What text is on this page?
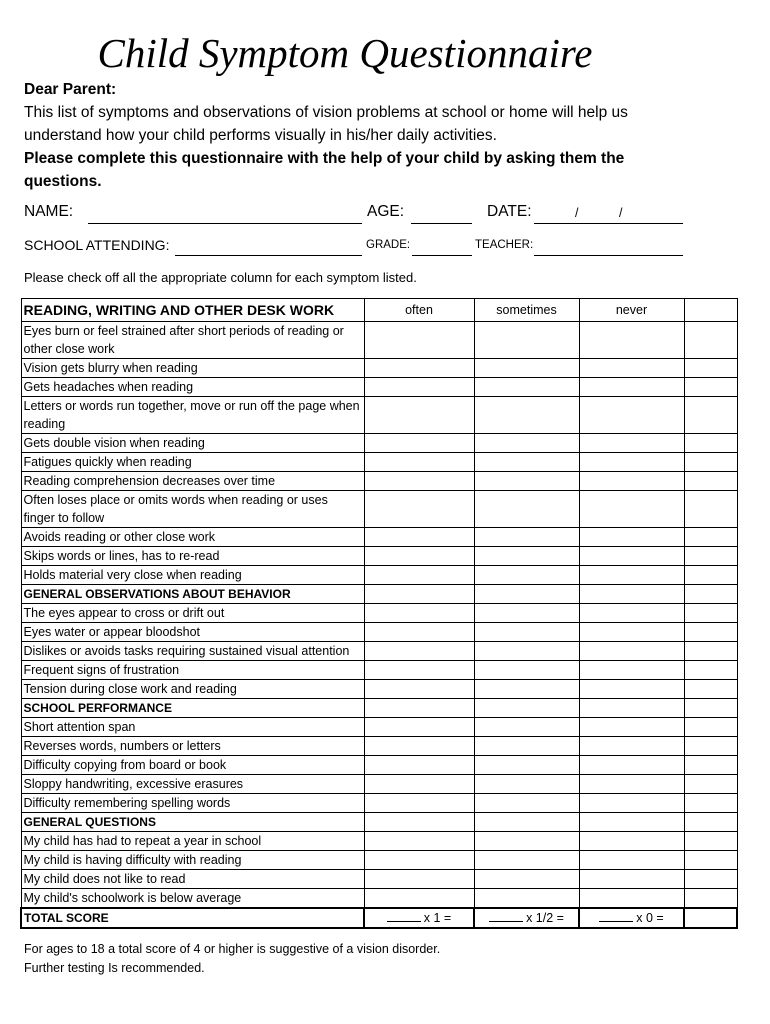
Child Symptom Questionnaire
Dear Parent:
This list of symptoms and observations of vision problems at school or home will help us understand how your child performs visually in his/her daily activities.
Please complete this questionnaire with the help of your child by asking them the questions.
NAME:	AGE:	DATE:	/	/
SCHOOL ATTENDING:	GRADE:	TEACHER:
Please check off all the appropriate column for each symptom listed.
READING, WRITING AND OTHER DESK WORK	often	sometimes	never	
Eyes burn or feel strained after short periods of reading or other close work				
Vision gets blurry when reading				
Gets headaches when reading				
Letters or words run together, move or run off the page when reading				
Gets double vision when reading				
Fatigues quickly when reading				
Reading comprehension decreases over time				
Often loses place or omits words when reading or uses finger to follow				
Avoids reading or other close work				
Skips words or lines, has to re-read				
Holds material very close when reading				
GENERAL OBSERVATIONS ABOUT BEHAVIOR				
The eyes appear to cross or drift out				
Eyes water or appear bloodshot				
Dislikes or avoids tasks requiring sustained visual attention				
Frequent signs of frustration				
Tension during close work and reading				
SCHOOL PERFORMANCE				
Short attention span				
Reverses words, numbers or letters				
Difficulty copying from board or book				
Sloppy handwriting, excessive erasures				
Difficulty remembering spelling words				
GENERAL QUESTIONS				
My child has had to repeat a year in school				
My child is having difficulty with reading				
My child does not like to read				
My child's schoolwork is below average				
TOTAL SCORE	x 1 =	x 1/2 =	x 0 =	
For ages to 18 a total score of 4 or higher is suggestive of a vision disorder.
Further testing Is recommended.
